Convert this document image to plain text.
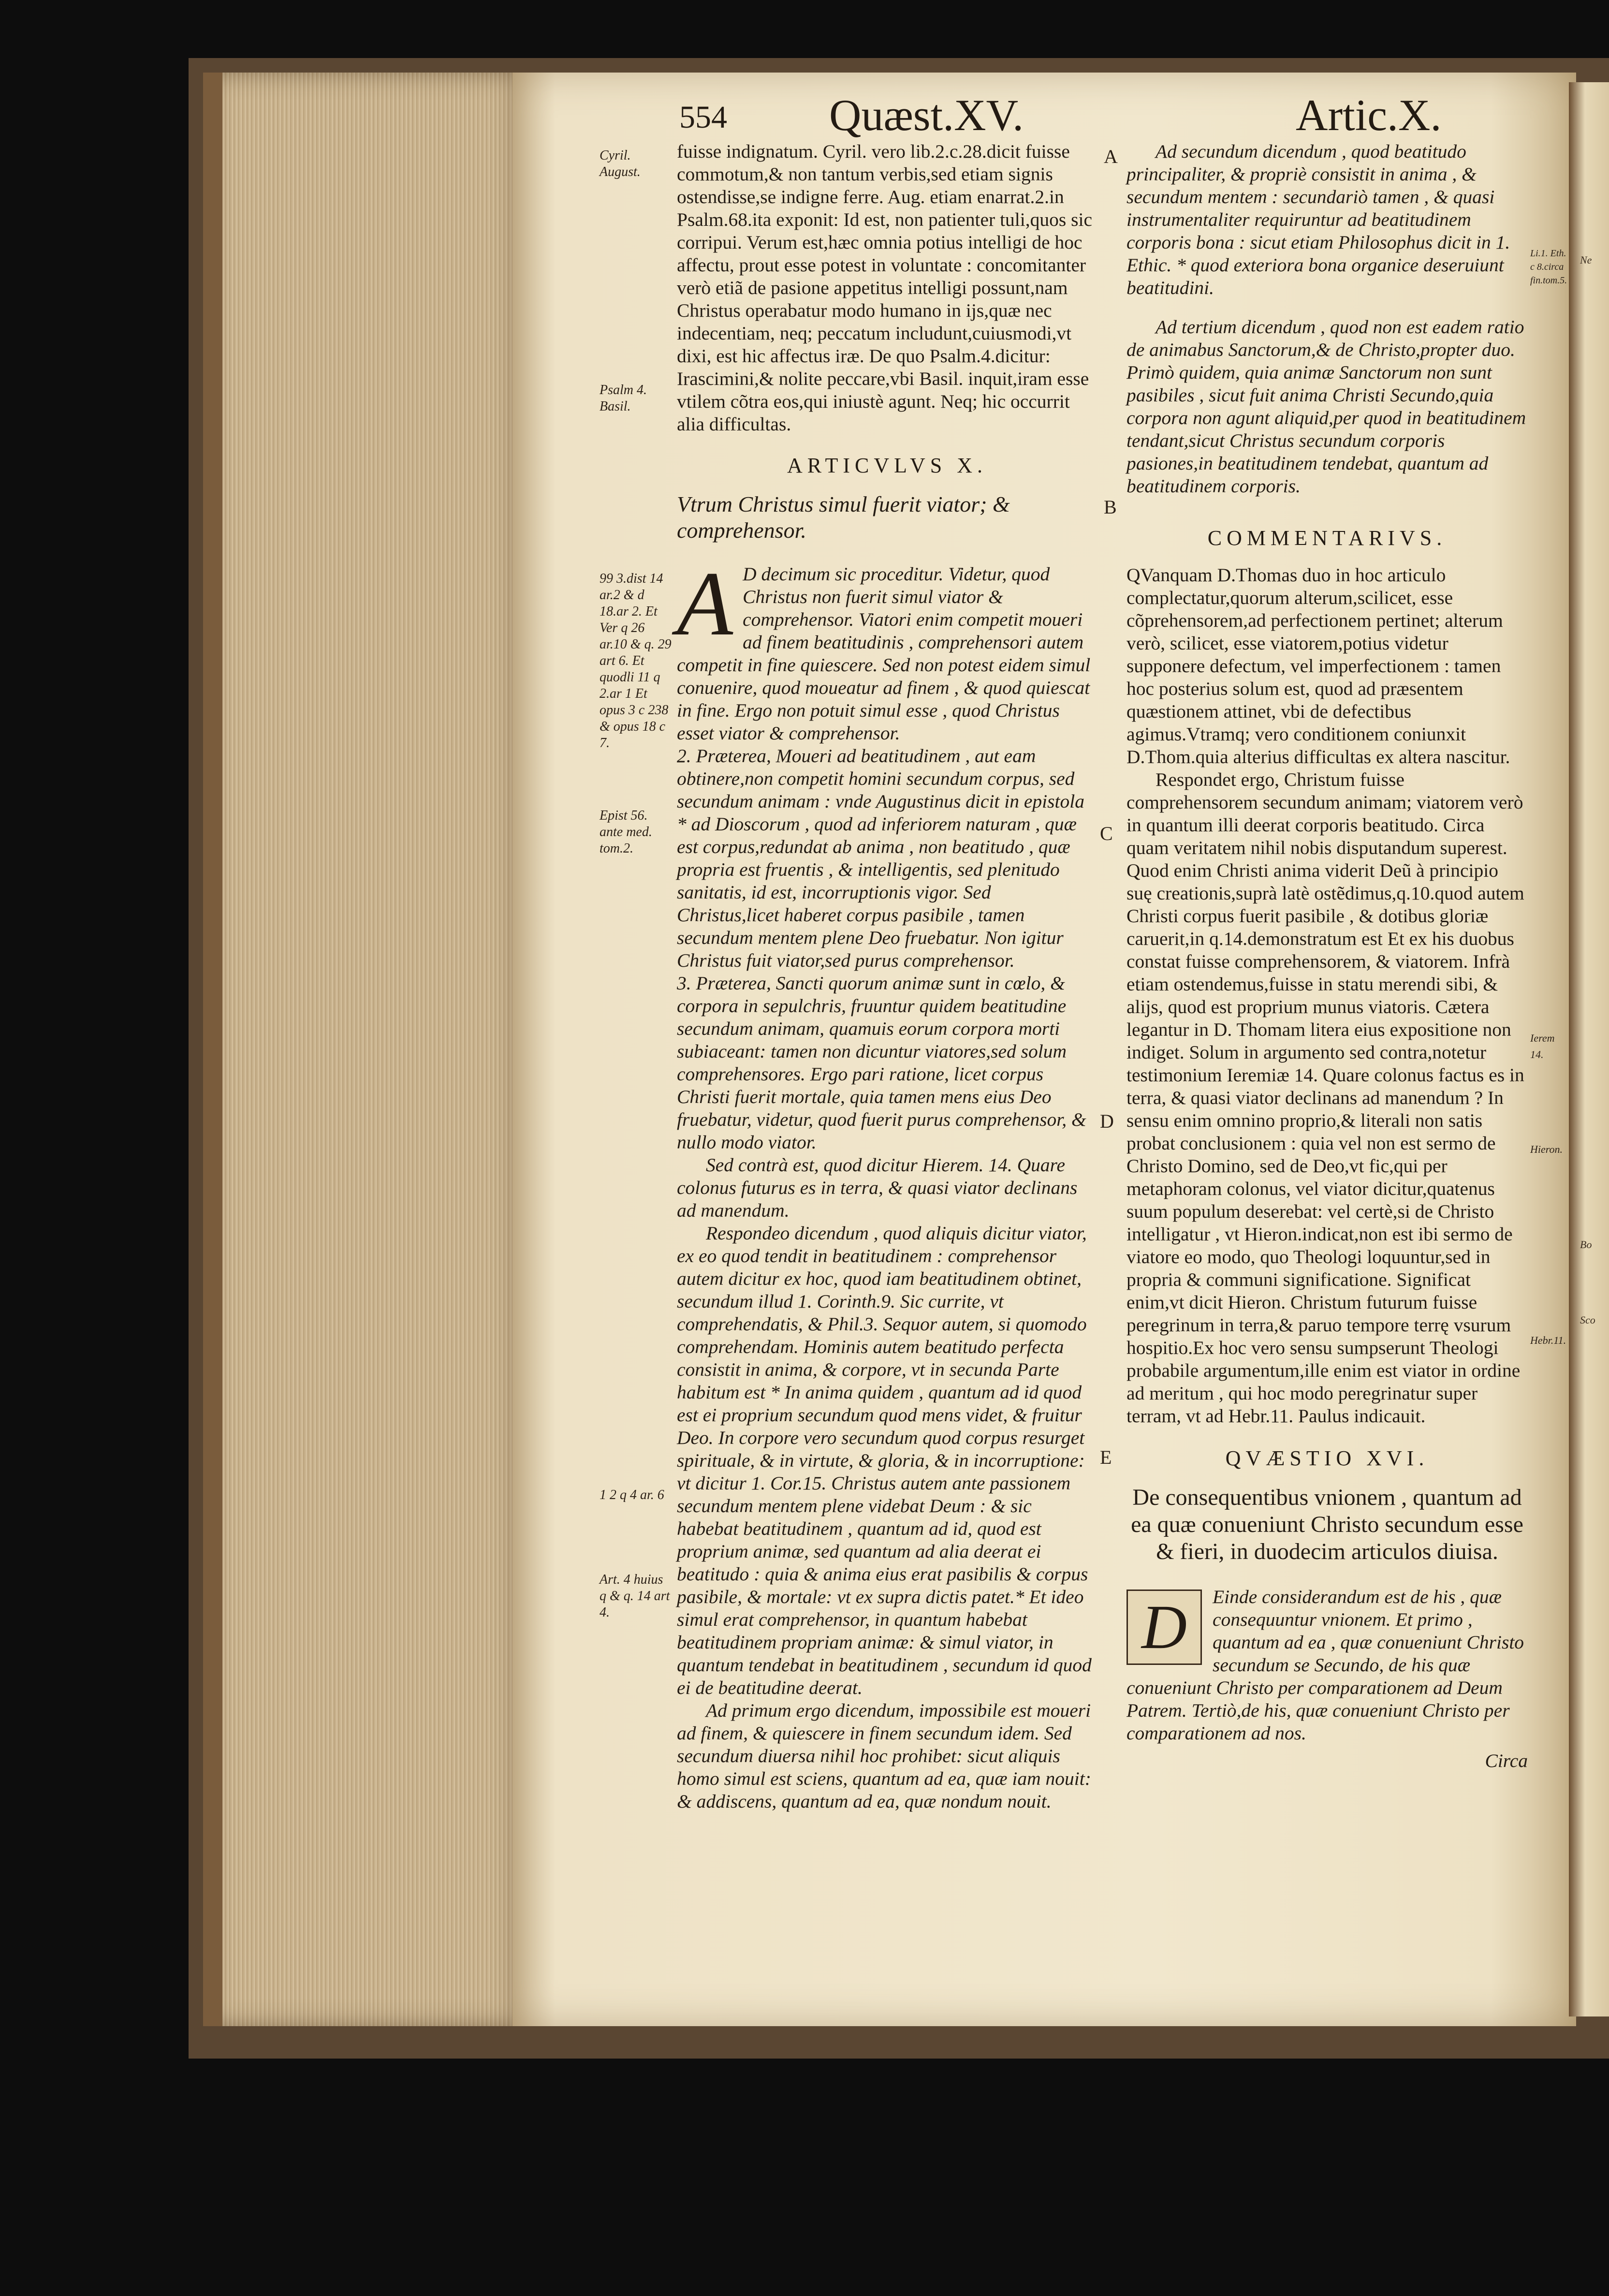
Ne
Bo
Sco
554 Quæst.XV.	Artic.X.
A
B
C
D
E
Cyril. August.
Psalm 4. Basil.
99 3.dist 14 ar.2 & d 18.ar 2. Et Ver q 26 ar.10 & q. 29 art 6. Et quodli 11 q 2.ar 1 Et opus 3 c 238 & opus 18 c 7.
Epist 56. ante med. tom.2.
1 2 q 4 ar. 6
Art. 4 huius q & q. 14 art 4.
Li.1. Eth. c 8.circa fin.tom.5.
Ierem 14.
Hieron.
Hebr.11.

fuisse indignatum. Cyril. vero lib.2.c.28.dicit fuisse commotum,& non tantum verbis,sed etiam signis ostendisse,se indigne ferre. Aug. etiam enarrat.2.in Psalm.68.ita exponit: Id est, non patienter tuli,quos sic corripui. Verum est,hæc omnia potius intelligi de hoc affectu, prout esse potest in voluntate : concomitanter verò etiã de pasione appetitus intelligi possunt,nam Christus operabatur modo humano in ijs,quæ nec indecentiam, neq; peccatum includunt,cuiusmodi,vt dixi, est hic affectus iræ. De quo Psalm.4.dicitur: Irascimini,& nolite peccare,vbi Basil. inquit,iram esse vtilem cõtra eos,qui iniustè agunt. Neq; hic occurrit alia difficultas.

ARTICVLVS X.

Vtrum Christus simul fuerit viator; & comprehensor.

A D decimum sic proceditur. Videtur, quod Christus non fuerit simul viator & comprehensor. Viatori enim competit moueri ad finem beatitudinis , comprehensori autem competit in fine quiescere. Sed non potest eidem simul conuenire, quod moueatur ad finem , & quod quiescat in fine. Ergo non potuit simul esse , quod Christus esset viator & comprehensor.

2. Præterea, Moueri ad beatitudinem , aut eam obtinere,non competit homini secundum corpus, sed secundum animam : vnde Augustinus dicit in epistola * ad Dioscorum , quod ad inferiorem naturam , quæ est corpus,redundat ab anima , non beatitudo , quæ propria est fruentis , & intelligentis, sed plenitudo sanitatis, id est, incorruptionis vigor. Sed Christus,licet haberet corpus pasibile , tamen secundum mentem plene Deo fruebatur. Non igitur Christus fuit viator,sed purus comprehensor.

3. Præterea, Sancti quorum animæ sunt in cœlo, & corpora in sepulchris, fruuntur quidem beatitudine secundum animam, quamuis eorum corpora morti subiaceant: tamen non dicuntur viatores,sed solum comprehensores. Ergo pari ratione, licet corpus Christi fuerit mortale, quia tamen mens eius Deo fruebatur, videtur, quod fuerit purus comprehensor, & nullo modo viator.

Sed contrà est, quod dicitur Hierem. 14. Quare colonus futurus es in terra, & quasi viator declinans ad manendum.

Respondeo dicendum , quod aliquis dicitur viator, ex eo quod tendit in beatitudinem : comprehensor autem dicitur ex hoc, quod iam beatitudinem obtinet, secundum illud 1. Corinth.9. Sic currite, vt comprehendatis, & Phil.3. Sequor autem, si quomodo comprehendam. Hominis autem beatitudo perfecta consistit in anima, & corpore, vt in secunda Parte habitum est * In anima quidem , quantum ad id quod est ei proprium secundum quod mens videt, & fruitur Deo. In corpore vero secundum quod corpus resurget spirituale, & in virtute, & gloria, & in incorruptione: vt dicitur 1. Cor.15. Christus autem ante passionem secundum mentem plene videbat Deum : & sic habebat beatitudinem , quantum ad id, quod est proprium animæ, sed quantum ad alia deerat ei beatitudo : quia & anima eius erat pasibilis & corpus pasibile, & mortale: vt ex supra dictis patet.* Et ideo simul erat comprehensor, in quantum habebat beatitudinem propriam animæ: & simul viator, in quantum tendebat in beatitudinem , secundum id quod ei de beatitudine deerat.

Ad primum ergo dicendum, impossibile est moueri ad finem, & quiescere in finem secundum idem. Sed secundum diuersa nihil hoc prohibet: sicut aliquis homo simul est sciens, quantum ad ea, quæ iam nouit: & addiscens, quantum ad ea, quæ nondum nouit.

Ad secundum dicendum , quod beatitudo principaliter, & propriè consistit in anima , & secundum mentem : secundariò tamen , & quasi instrumentaliter requiruntur ad beatitudinem corporis bona : sicut etiam Philosophus dicit in 1. Ethic. * quod exteriora bona organice deseruiunt beatitudini.

Ad tertium dicendum , quod non est eadem ratio de animabus Sanctorum,& de Christo,propter duo. Primò quidem, quia animæ Sanctorum non sunt pasibiles , sicut fuit anima Christi Secundo,quia corpora non agunt aliquid,per quod in beatitudinem tendant,sicut Christus secundum corporis pasiones,in beatitudinem tendebat, quantum ad beatitudinem corporis.

COMMENTARIVS.

QVanquam D.Thomas duo in hoc articulo complectatur,quorum alterum,scilicet, esse cõprehensorem,ad perfectionem pertinet; alterum verò, scilicet, esse viatorem,potius videtur supponere defectum, vel imperfectionem : tamen hoc posterius solum est, quod ad præsentem quæstionem attinet, vbi de defectibus agimus.Vtramq; vero conditionem coniunxit D.Thom.quia alterius difficultas ex altera nascitur.

Respondet ergo, Christum fuisse comprehensorem secundum animam; viatorem verò in quantum illi deerat corporis beatitudo. Circa quam veritatem nihil nobis disputandum superest. Quod enim Christi anima viderit Deũ à principio suę creationis,suprà latè ostẽdimus,q.10.quod autem Christi corpus fuerit pasibile , & dotibus gloriæ caruerit,in q.14.demonstratum est Et ex his duobus constat fuisse comprehensorem, & viatorem. Infrà etiam ostendemus,fuisse in statu merendi sibi, & alijs, quod est proprium munus viatoris. Cætera legantur in D. Thomam litera eius expositione non indiget. Solum in argumento sed contra,notetur testimonium Ieremiæ 14. Quare colonus factus es in terra, & quasi viator declinans ad manendum ? In sensu enim omnino proprio,& literali non satis probat conclusionem : quia vel non est sermo de Christo Domino, sed de Deo,vt fic,qui per metaphoram colonus, vel viator dicitur,quatenus suum populum deserebat: vel certè,si de Christo intelligatur , vt Hieron.indicat,non est ibi sermo de viatore eo modo, quo Theologi loquuntur,sed in propria & communi significatione. Significat enim,vt dicit Hieron. Christum futurum fuisse peregrinum in terra,& paruo tempore terrę vsurum hospitio.Ex hoc vero sensu sumpserunt Theologi probabile argumentum,ille enim est viator in ordine ad meritum , qui hoc modo peregrinatur super terram, vt ad Hebr.11. Paulus indicauit.

QVÆSTIO XVI.

De consequentibus vnionem , quantum ad ea quæ conueniunt Christo secundum esse & fieri, in duodecim articulos diuisa.

D	Einde considerandum est de his , quæ consequuntur vnionem. Et primo , quantum ad ea , quæ conueniunt Christo secundum se Secundo, de his quæ conueniunt Christo per comparationem ad Deum Patrem. Tertiò,de his, quæ conueniunt Christo per comparationem ad nos.

Circa
